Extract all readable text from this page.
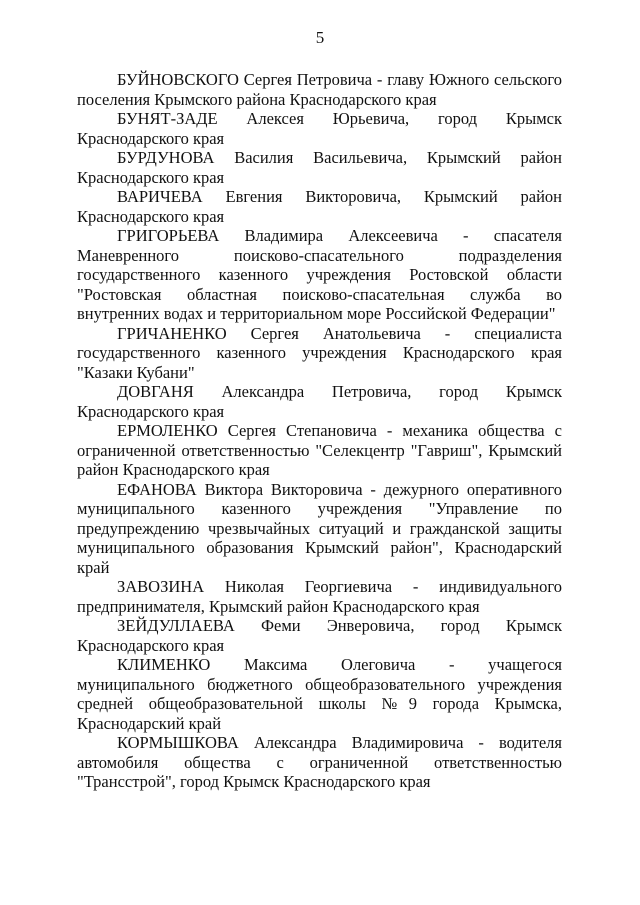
5

БУЙНОВСКОГО Сергея Петровича - главу Южного сельского поселения Крымского района Краснодарского края

БУНЯТ-ЗАДЕ Алексея Юрьевича, город Крымск Краснодарского края

БУРДУНОВА Василия Васильевича, Крымский район Краснодарского края

ВАРИЧЕВА Евгения Викторовича, Крымский район Краснодарского края

ГРИГОРЬЕВА Владимира Алексеевича - спасателя Маневренного поисково-спасательного подразделения государственного казенного учреждения Ростовской области "Ростовская областная поисково-спасательная служба во внутренних водах и территориальном море Российской Федерации"

ГРИЧАНЕНКО Сергея Анатольевича - специалиста государственного казенного учреждения Краснодарского края "Казаки Кубани"

ДОВГАНЯ Александра Петровича, город Крымск Краснодарского края

ЕРМОЛЕНКО Сергея Степановича - механика общества с ограниченной ответственностью "Селекцентр "Гавриш", Крымский район Краснодарского края

ЕФАНОВА Виктора Викторовича - дежурного оперативного муниципального казенного учреждения "Управление по предупреждению чрезвычайных ситуаций и гражданской защиты муниципального образования Крымский район", Краснодарский край

ЗАВОЗИНА Николая Георгиевича - индивидуального предпринимателя, Крымский район Краснодарского края

ЗЕЙДУЛЛАЕВА Феми Энверовича, город Крымск Краснодарского края

КЛИМЕНКО Максима Олеговича - учащегося муниципального бюджетного общеобразовательного учреждения средней общеобразовательной школы №9 города Крымска, Краснодарский край

КОРМЫШКОВА Александра Владимировича - водителя автомобиля общества с ограниченной ответственностью "Трансстрой", город Крымск Краснодарского края
